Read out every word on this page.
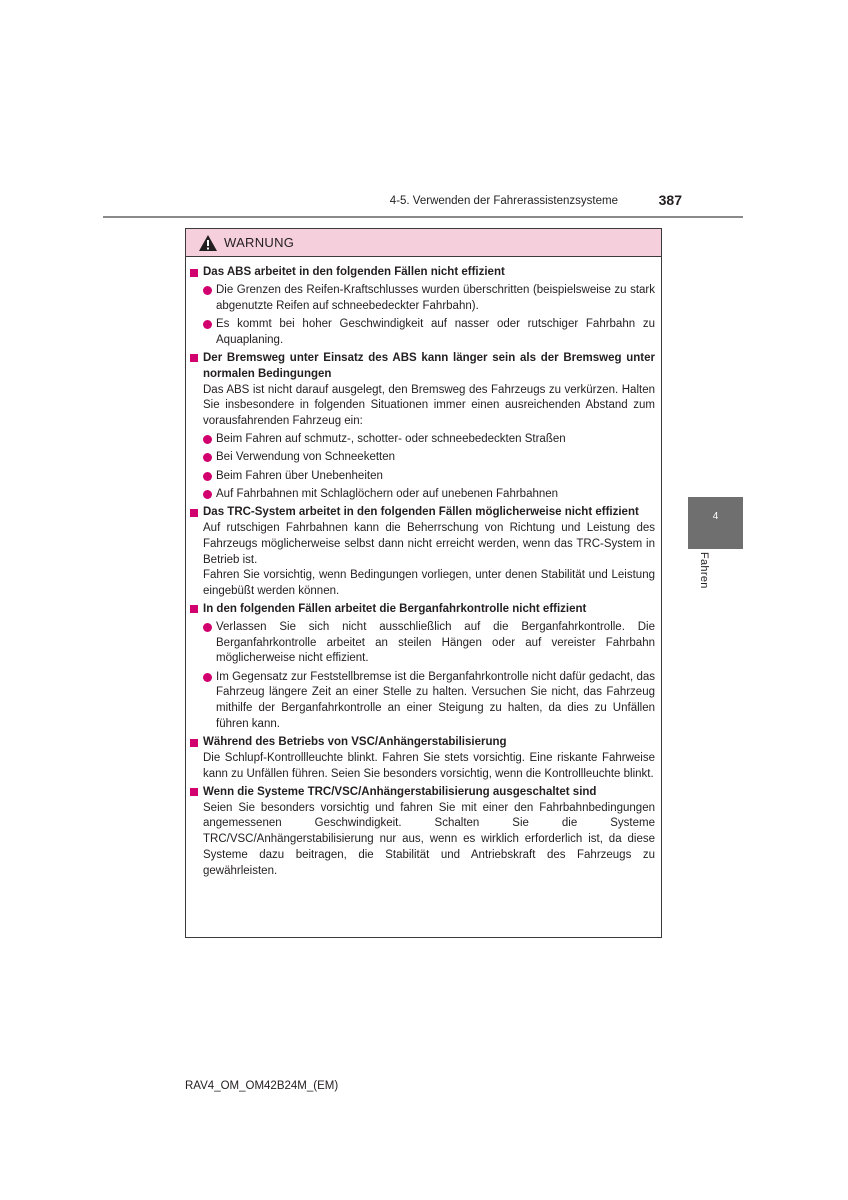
4-5. Verwenden der Fahrerassistenzsysteme	387
4
Fahren
WARNUNG
Das ABS arbeitet in den folgenden Fällen nicht effizient
Die Grenzen des Reifen-Kraftschlusses wurden überschritten (beispielsweise zu stark abgenutzte Reifen auf schneebedeckter Fahrbahn).
Es kommt bei hoher Geschwindigkeit auf nasser oder rutschiger Fahrbahn zu Aquaplaning.
Der Bremsweg unter Einsatz des ABS kann länger sein als der Bremsweg unter normalen Bedingungen
Das ABS ist nicht darauf ausgelegt, den Bremsweg des Fahrzeugs zu verkürzen. Halten Sie insbesondere in folgenden Situationen immer einen ausreichenden Abstand zum vorausfahrenden Fahrzeug ein:
Beim Fahren auf schmutz-, schotter- oder schneebedeckten Straßen
Bei Verwendung von Schneeketten
Beim Fahren über Unebenheiten
Auf Fahrbahnen mit Schlaglöchern oder auf unebenen Fahrbahnen
Das TRC-System arbeitet in den folgenden Fällen möglicherweise nicht effizient
Auf rutschigen Fahrbahnen kann die Beherrschung von Richtung und Leistung des Fahrzeugs möglicherweise selbst dann nicht erreicht werden, wenn das TRC-System in Betrieb ist.
Fahren Sie vorsichtig, wenn Bedingungen vorliegen, unter denen Stabilität und Leistung eingebüßt werden können.
In den folgenden Fällen arbeitet die Berganfahrkontrolle nicht effizient
Verlassen Sie sich nicht ausschließlich auf die Berganfahrkontrolle. Die Berganfahrkontrolle arbeitet an steilen Hängen oder auf vereister Fahrbahn möglicherweise nicht effizient.
Im Gegensatz zur Feststellbremse ist die Berganfahrkontrolle nicht dafür gedacht, das Fahrzeug längere Zeit an einer Stelle zu halten. Versuchen Sie nicht, das Fahrzeug mithilfe der Berganfahrkontrolle an einer Steigung zu halten, da dies zu Unfällen führen kann.
Während des Betriebs von VSC/Anhängerstabilisierung
Die Schlupf-Kontrollleuchte blinkt. Fahren Sie stets vorsichtig. Eine riskante Fahrweise kann zu Unfällen führen. Seien Sie besonders vorsichtig, wenn die Kontrollleuchte blinkt.
Wenn die Systeme TRC/VSC/Anhängerstabilisierung ausgeschaltet sind
Seien Sie besonders vorsichtig und fahren Sie mit einer den Fahrbahnbedingungen angemessenen Geschwindigkeit. Schalten Sie die Systeme TRC/VSC/Anhängerstabilisierung nur aus, wenn es wirklich erforderlich ist, da diese Systeme dazu beitragen, die Stabilität und Antriebskraft des Fahrzeugs zu gewährleisten.
RAV4_OM_OM42B24M_(EM)
